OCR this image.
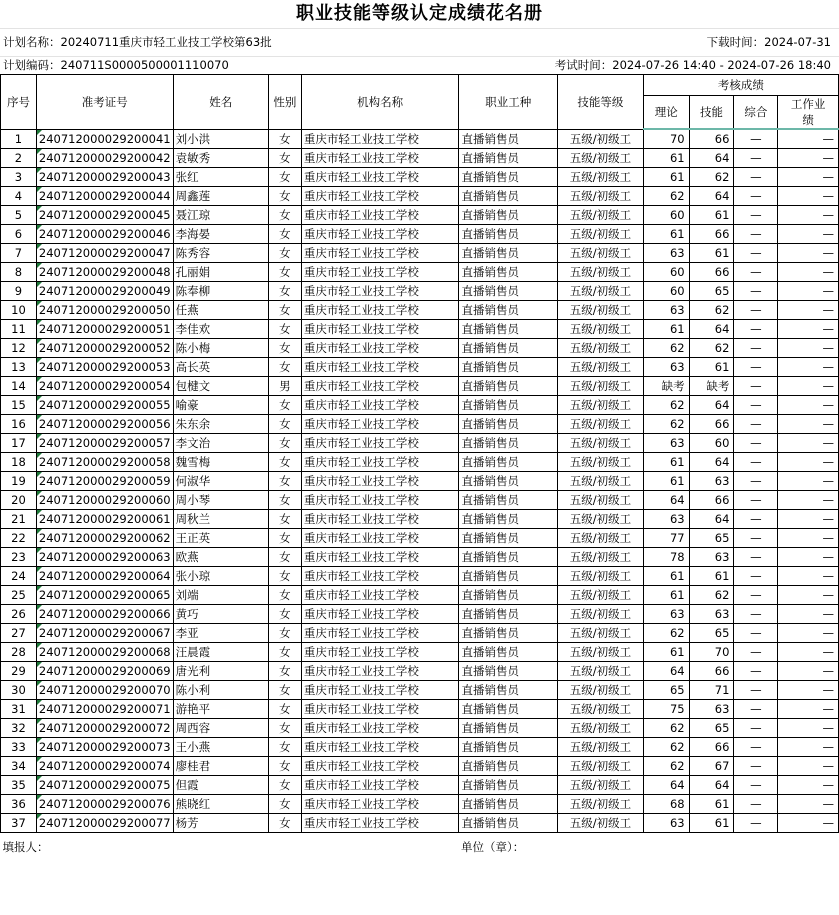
职业技能等级认定成绩花名册
计划名称：20240711重庆市轻工业技工学校第63批	下载时间：2024-07-31
计划编码：240711S0000500001110070	考试时间：2024-07-26 14:40 - 2024-07-26 18:40
序号	准考证号	姓名	性别	机构名称	职业工种	技能等级	考核成绩			
							理论	技能	综合	工作业绩
1	240712000029200041	刘小洪	女	重庆市轻工业技工学校	直播销售员	五级/初级工	70	66	—	—
2	240712000029200042	袁敏秀	女	重庆市轻工业技工学校	直播销售员	五级/初级工	61	64	—	—
3	240712000029200043	张红	女	重庆市轻工业技工学校	直播销售员	五级/初级工	61	62	—	—
4	240712000029200044	周鑫莲	女	重庆市轻工业技工学校	直播销售员	五级/初级工	62	64	—	—
5	240712000029200045	聂江琼	女	重庆市轻工业技工学校	直播销售员	五级/初级工	60	61	—	—
6	240712000029200046	李海晏	女	重庆市轻工业技工学校	直播销售员	五级/初级工	61	66	—	—
7	240712000029200047	陈秀容	女	重庆市轻工业技工学校	直播销售员	五级/初级工	63	61	—	—
8	240712000029200048	孔丽娟	女	重庆市轻工业技工学校	直播销售员	五级/初级工	60	66	—	—
9	240712000029200049	陈奉柳	女	重庆市轻工业技工学校	直播销售员	五级/初级工	60	65	—	—
10	240712000029200050	任燕	女	重庆市轻工业技工学校	直播销售员	五级/初级工	63	62	—	—
11	240712000029200051	李佳欢	女	重庆市轻工业技工学校	直播销售员	五级/初级工	61	64	—	—
12	240712000029200052	陈小梅	女	重庆市轻工业技工学校	直播销售员	五级/初级工	62	62	—	—
13	240712000029200053	高长英	女	重庆市轻工业技工学校	直播销售员	五级/初级工	63	61	—	—
14	240712000029200054	包楗文	男	重庆市轻工业技工学校	直播销售员	五级/初级工	缺考	缺考	—	—
15	240712000029200055	喻豪	女	重庆市轻工业技工学校	直播销售员	五级/初级工	62	64	—	—
16	240712000029200056	朱东余	女	重庆市轻工业技工学校	直播销售员	五级/初级工	62	66	—	—
17	240712000029200057	李文治	女	重庆市轻工业技工学校	直播销售员	五级/初级工	63	60	—	—
18	240712000029200058	魏雪梅	女	重庆市轻工业技工学校	直播销售员	五级/初级工	61	64	—	—
19	240712000029200059	何淑华	女	重庆市轻工业技工学校	直播销售员	五级/初级工	61	63	—	—
20	240712000029200060	周小琴	女	重庆市轻工业技工学校	直播销售员	五级/初级工	64	66	—	—
21	240712000029200061	周秋兰	女	重庆市轻工业技工学校	直播销售员	五级/初级工	63	64	—	—
22	240712000029200062	王正英	女	重庆市轻工业技工学校	直播销售员	五级/初级工	77	65	—	—
23	240712000029200063	欧燕	女	重庆市轻工业技工学校	直播销售员	五级/初级工	78	63	—	—
24	240712000029200064	张小琼	女	重庆市轻工业技工学校	直播销售员	五级/初级工	61	61	—	—
25	240712000029200065	刘端	女	重庆市轻工业技工学校	直播销售员	五级/初级工	61	62	—	—
26	240712000029200066	黄巧	女	重庆市轻工业技工学校	直播销售员	五级/初级工	63	63	—	—
27	240712000029200067	李亚	女	重庆市轻工业技工学校	直播销售员	五级/初级工	62	65	—	—
28	240712000029200068	汪晨霞	女	重庆市轻工业技工学校	直播销售员	五级/初级工	61	70	—	—
29	240712000029200069	唐光利	女	重庆市轻工业技工学校	直播销售员	五级/初级工	64	66	—	—
30	240712000029200070	陈小利	女	重庆市轻工业技工学校	直播销售员	五级/初级工	65	71	—	—
31	240712000029200071	游艳平	女	重庆市轻工业技工学校	直播销售员	五级/初级工	75	63	—	—
32	240712000029200072	周西容	女	重庆市轻工业技工学校	直播销售员	五级/初级工	62	65	—	—
33	240712000029200073	王小燕	女	重庆市轻工业技工学校	直播销售员	五级/初级工	62	66	—	—
34	240712000029200074	廖桂君	女	重庆市轻工业技工学校	直播销售员	五级/初级工	62	67	—	—
35	240712000029200075	但霞	女	重庆市轻工业技工学校	直播销售员	五级/初级工	64	64	—	—
36	240712000029200076	熊晓红	女	重庆市轻工业技工学校	直播销售员	五级/初级工	68	61	—	—
37	240712000029200077	杨芳	女	重庆市轻工业技工学校	直播销售员	五级/初级工	63	61	—	—
填报人：					单位（章）：					
